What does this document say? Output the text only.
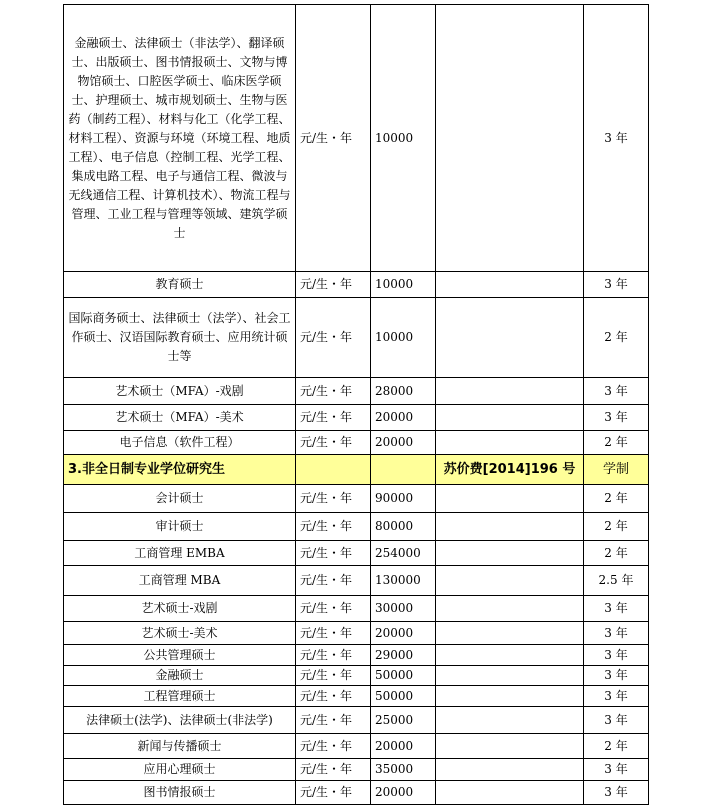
金融硕士、法律硕士（非法学）、翻译硕士、出版硕士、图书情报硕士、文物与博物馆硕士、口腔医学硕士、临床医学硕士、护理硕士、城市规划硕士、生物与医药（制药工程）、材料与化工（化学工程、材料工程）、资源与环境（环境工程、地质工程）、电子信息（控制工程、光学工程、集成电路工程、电子与通信工程、微波与无线通信工程、计算机技术）、物流工程与管理、工业工程与管理等领域、建筑学硕士	元/生・年	10000		3 年
教育硕士	元/生・年	10000		3 年
国际商务硕士、法律硕士（法学）、社会工作硕士、汉语国际教育硕士、应用统计硕士等	元/生・年	10000		2 年
艺术硕士（MFA）-戏剧	元/生・年	28000		3 年
艺术硕士（MFA）-美术	元/生・年	20000		3 年
电子信息（软件工程）	元/生・年	20000		2 年
3.非全日制专业学位研究生			苏价费[2014]196 号	学制
会计硕士	元/生・年	90000		2 年
审计硕士	元/生・年	80000		2 年
工商管理 EMBA	元/生・年	254000		2 年
工商管理 MBA	元/生・年	130000		2.5 年
艺术硕士-戏剧	元/生・年	30000		3 年
艺术硕士-美术	元/生・年	20000		3 年
公共管理硕士	元/生・年	29000		3 年
金融硕士	元/生・年	50000		3 年
工程管理硕士	元/生・年	50000		3 年
法律硕士(法学)、法律硕士(非法学)	元/生・年	25000		3 年
新闻与传播硕士	元/生・年	20000		2 年
应用心理硕士	元/生・年	35000		3 年
图书情报硕士	元/生・年	20000		3 年
